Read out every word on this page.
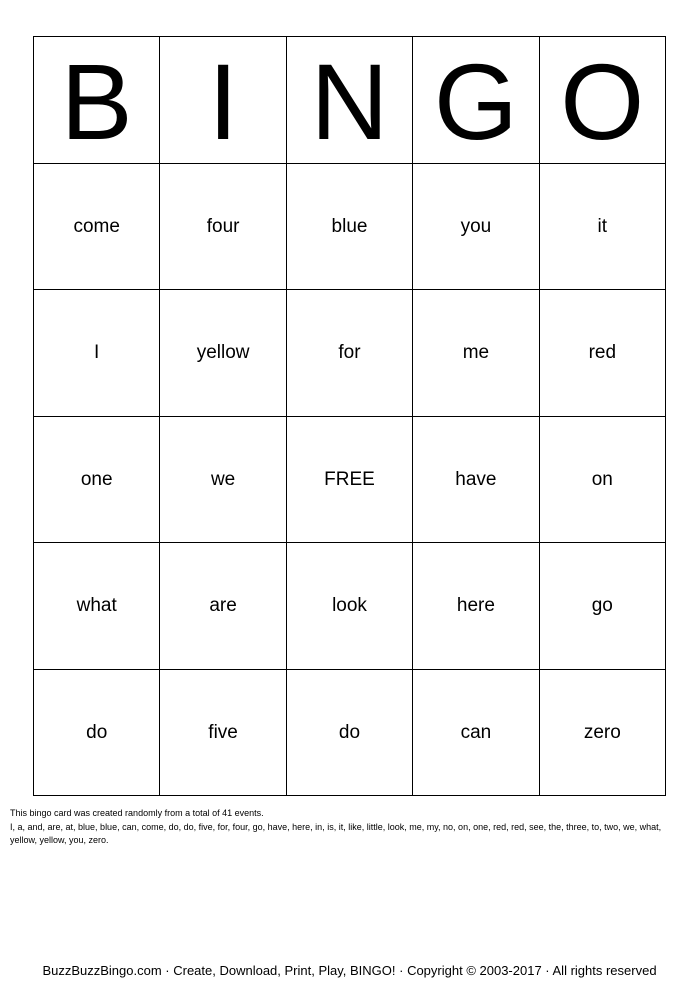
B I N G O
come	four	blue	you	it
I	yellow	for	me	red
one	we	FREE	have	on
what	are	look	here	go
do	five	do	can	zero

This bingo card was created randomly from a total of 41 events.

I, a, and, are, at, blue, blue, can, come, do, do, five, for, four, go, have, here, in, is, it, like, little, look, me, my, no, on, one, red, red, see, the, three, to, two, we, what, yellow, yellow, you, zero.

BuzzBuzzBingo.com · Create, Download, Print, Play, BINGO! · Copyright © 2003-2017 · All rights reserved
